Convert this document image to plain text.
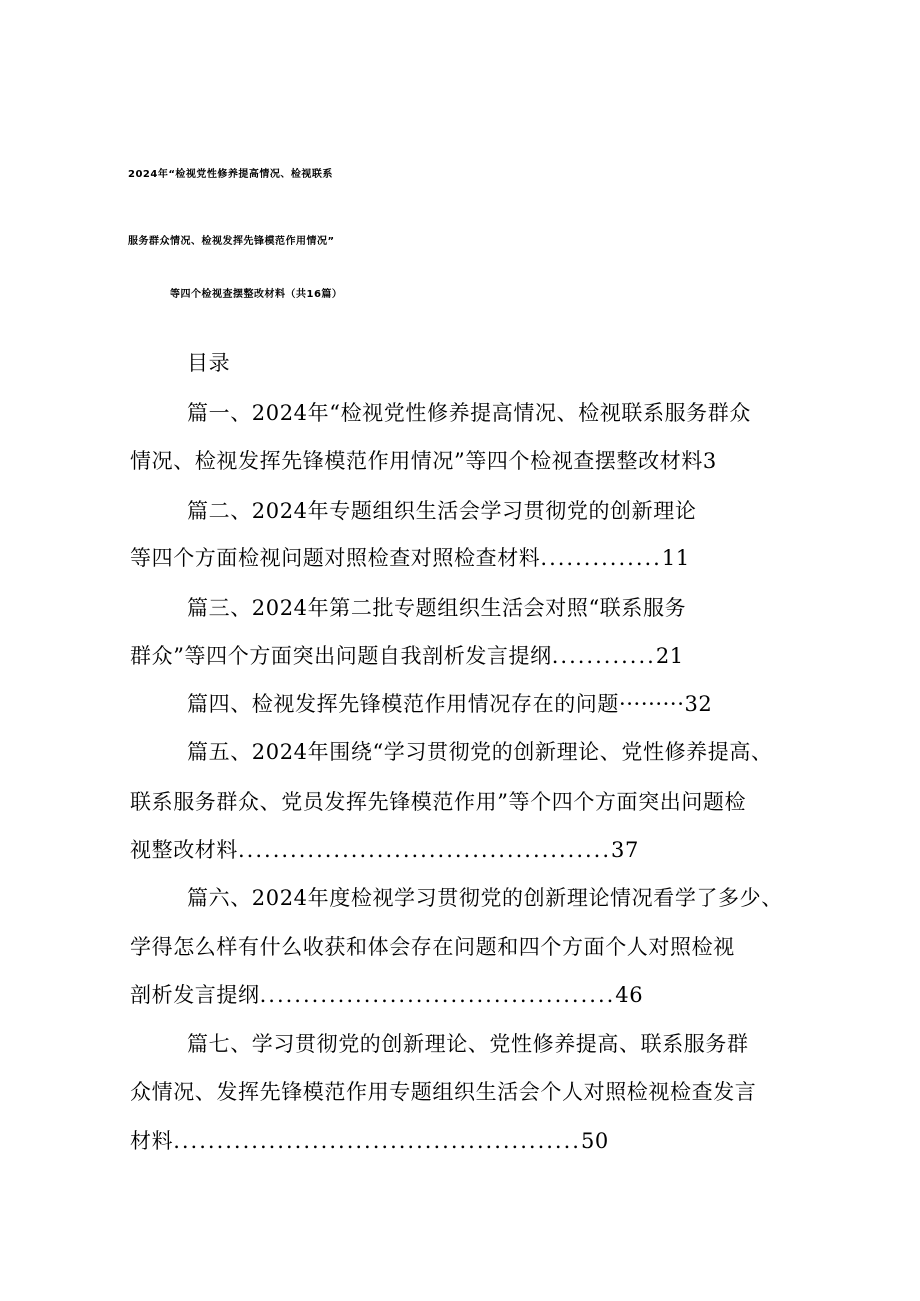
2024年“检视党性修养提高情况、检视联系
服务群众情况、检视发挥先锋模范作用情况”
等四个检视查摆整改材料（共16篇）
目录
篇一、2024年“检视党性修养提高情况、检视联系服务群众
情况、检视发挥先锋模范作用情况”等四个检视查摆整改材料3
篇二、2024年专题组织生活会学习贯彻党的创新理论
等四个方面检视问题对照检查对照检查材料..............11
篇三、2024年第二批专题组织生活会对照“联系服务
群众”等四个方面突出问题自我剖析发言提纲............21
篇四、检视发挥先锋模范作用情况存在的问题·········32
篇五、2024年围绕“学习贯彻党的创新理论、党性修养提高、
联系服务群众、党员发挥先锋模范作用”等个四个方面突出问题检
视整改材料...........................................37
篇六、2024年度检视学习贯彻党的创新理论情况看学了多少、
学得怎么样有什么收获和体会存在问题和四个方面个人对照检视
剖析发言提纲.........................................46
篇七、学习贯彻党的创新理论、党性修养提高、联系服务群
众情况、发挥先锋模范作用专题组织生活会个人对照检视检查发言
材料...............................................50
